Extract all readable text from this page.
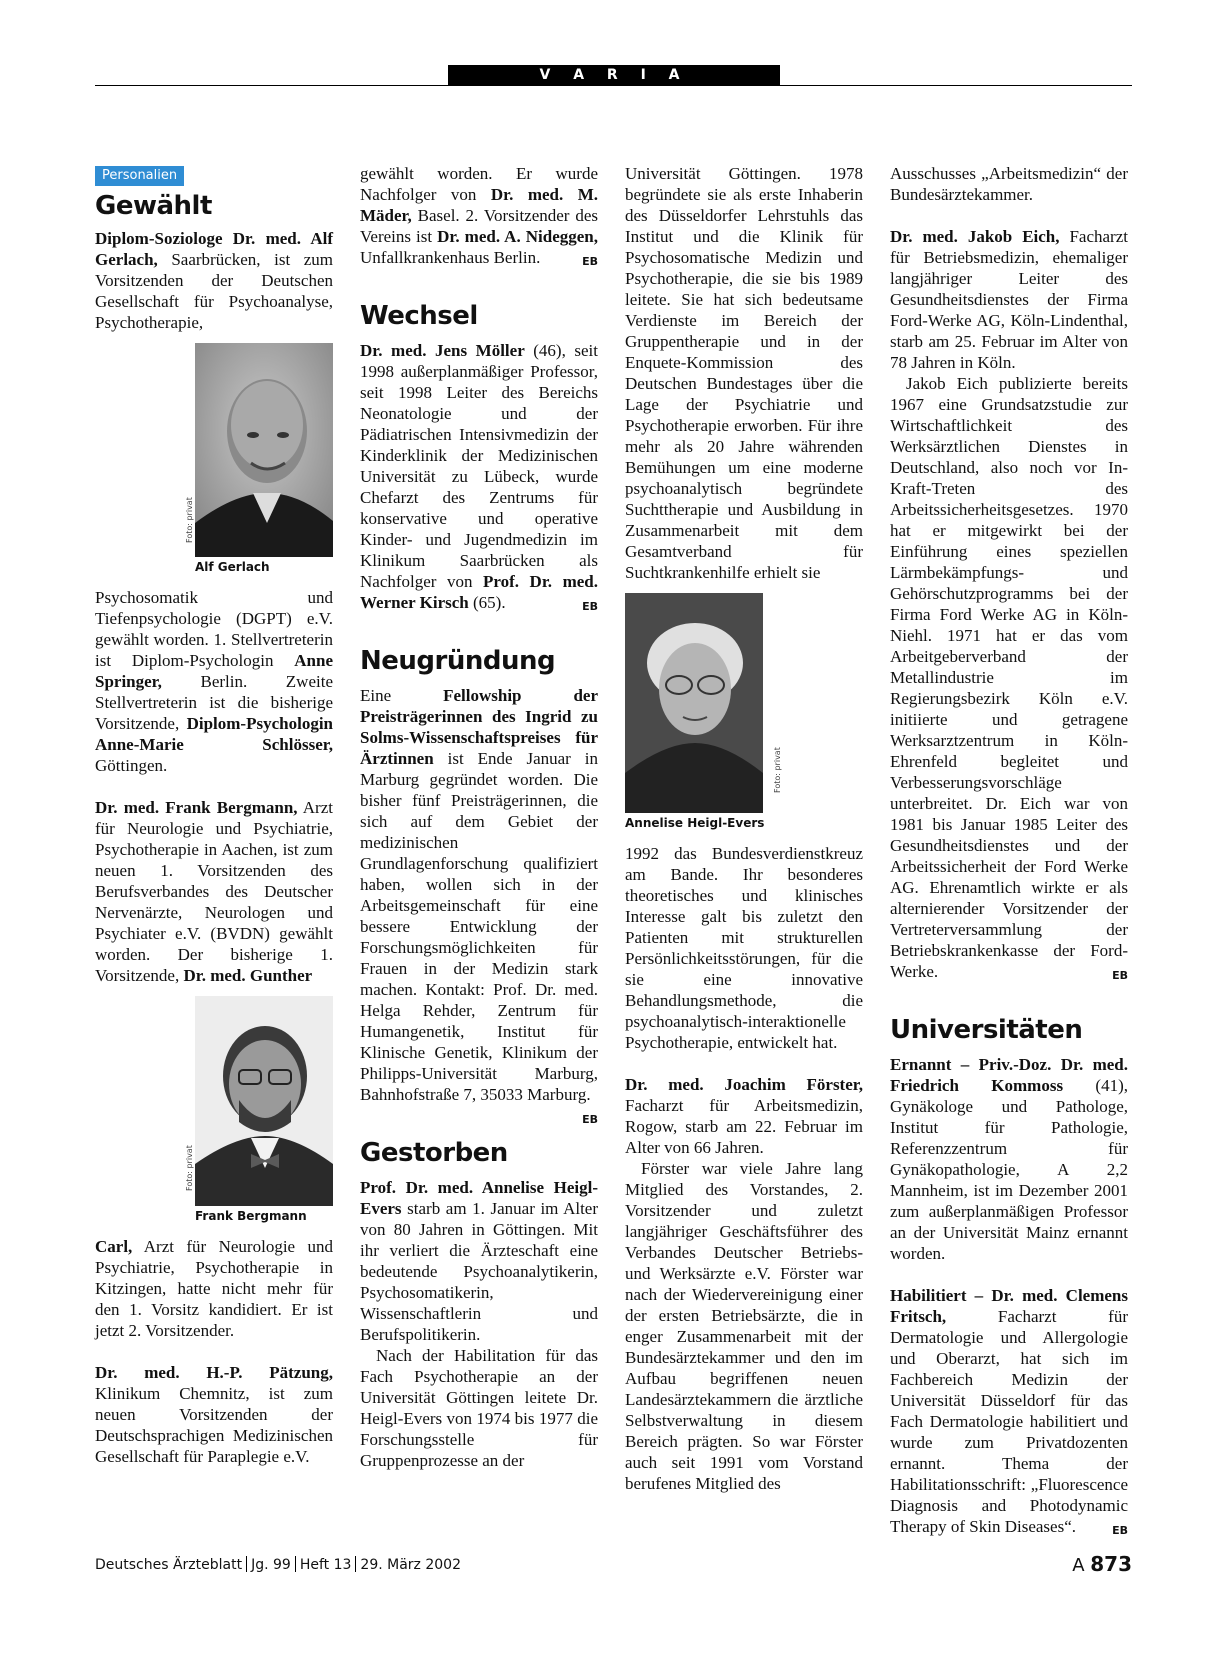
V A R I A
Personalien
Gewählt

Diplom-Soziologe Dr. med. Alf Gerlach, Saarbrücken, ist zum Vorsitzenden der Deutschen Gesellschaft für Psychoanalyse, Psychotherapie,

Foto: privat
Alf Gerlach

Psychosomatik und Tiefenpsychologie (DGPT) e.V. gewählt worden. 1. Stellvertreterin ist Diplom-Psychologin Anne Springer, Berlin. Zweite Stellvertreterin ist die bisherige Vorsitzende, Diplom-Psychologin Anne-Marie Schlösser, Göttingen.

Dr. med. Frank Bergmann, Arzt für Neurologie und Psychiatrie, Psychotherapie in Aachen, ist zum neuen 1. Vorsitzenden des Berufsverbandes des Deutscher Nervenärzte, Neurologen und Psychiater e.V. (BVDN) gewählt worden. Der bisherige 1. Vorsitzende, Dr. med. Gunther

Foto: privat
Frank Bergmann

Carl, Arzt für Neurologie und Psychiatrie, Psychotherapie in Kitzingen, hatte nicht mehr für den 1. Vorsitz kandidiert. Er ist jetzt 2. Vorsitzender.

Dr. med. H.-P. Pätzung, Klinikum Chemnitz, ist zum neuen Vorsitzenden der Deutschsprachigen Medizinischen Gesellschaft für Paraplegie e.V.

gewählt worden. Er wurde Nachfolger von Dr. med. M. Mäder, Basel. 2. Vorsitzender des Vereins ist Dr. med. A. Nideggen, Unfallkrankenhaus Berlin.	EB

Wechsel

Dr. med. Jens Möller (46), seit 1998 außerplanmäßiger Professor, seit 1998 Leiter des Bereichs Neonatologie und der Pädiatrischen Intensivmedizin der Kinderklinik der Medizinischen Universität zu Lübeck, wurde Chefarzt des Zentrums für konservative und operative Kinder- und Jugendmedizin im Klinikum Saarbrücken als Nachfolger von Prof. Dr. med. Werner Kirsch (65).	EB

Neugründung

Eine Fellowship der Preisträgerinnen des Ingrid zu Solms-Wissenschaftspreises für Ärztinnen ist Ende Januar in Marburg gegründet worden. Die bisher fünf Preisträgerinnen, die sich auf dem Gebiet der medizinischen Grundlagenforschung qualifiziert haben, wollen sich in der Arbeitsgemeinschaft für eine bessere Entwicklung der Forschungsmöglichkeiten für Frauen in der Medizin stark machen. Kontakt: Prof. Dr. med. Helga Rehder, Zentrum für Humangenetik, Institut für Klinische Genetik, Klinikum der Philipps-Universität Marburg, Bahnhofstraße 7, 35033 Marburg.
EB

Gestorben

Prof. Dr. med. Annelise Heigl-Evers starb am 1. Januar im Alter von 80 Jahren in Göttingen. Mit ihr verliert die Ärzteschaft eine bedeutende Psychoanalytikerin, Psychosomatikerin, Wissenschaftlerin und Berufspolitikerin.

Nach der Habilitation für das Fach Psychotherapie an der Universität Göttingen leitete Dr. Heigl-Evers von 1974 bis 1977 die Forschungsstelle für Gruppenprozesse an der

Universität Göttingen. 1978 begründete sie als erste Inhaberin des Düsseldorfer Lehrstuhls das Institut und die Klinik für Psychosomatische Medizin und Psychotherapie, die sie bis 1989 leitete. Sie hat sich bedeutsame Verdienste im Bereich der Gruppentherapie und in der Enquete-Kommission des Deutschen Bundestages über die Lage der Psychiatrie und Psychotherapie erworben. Für ihre mehr als 20 Jahre währenden Bemühungen um eine moderne psychoanalytisch begründete Suchttherapie und Ausbildung in Zusammenarbeit mit dem Gesamtverband für Suchtkrankenhilfe erhielt sie

Foto: privat
Annelise Heigl-Evers

1992 das Bundesverdienstkreuz am Bande. Ihr besonderes theoretisches und klinisches Interesse galt bis zuletzt den Patienten mit strukturellen Persönlichkeitsstörungen, für die sie eine innovative Behandlungsmethode, die psychoanalytisch-interaktionelle Psychotherapie, entwickelt hat.

Dr. med. Joachim Förster, Facharzt für Arbeitsmedizin, Rogow, starb am 22. Februar im Alter von 66 Jahren.

Förster war viele Jahre lang Mitglied des Vorstandes, 2. Vorsitzender und zuletzt langjähriger Geschäftsführer des Verbandes Deutscher Betriebs- und Werksärzte e.V. Förster war nach der Wiedervereinigung einer der ersten Betriebsärzte, die in enger Zusammenarbeit mit der Bundesärztekammer und den im Aufbau begriffenen neuen Landesärztekammern die ärztliche Selbstverwaltung in diesem Bereich prägten. So war Förster auch seit 1991 vom Vorstand berufenes Mitglied des

Ausschusses „Arbeitsmedizin“ der Bundesärztekammer.

Dr. med. Jakob Eich, Facharzt für Betriebsmedizin, ehemaliger langjähriger Leiter des Gesundheitsdienstes der Firma Ford-Werke AG, Köln-Lindenthal, starb am 25. Februar im Alter von 78 Jahren in Köln.

Jakob Eich publizierte bereits 1967 eine Grundsatzstudie zur Wirtschaftlichkeit des Werksärztlichen Dienstes in Deutschland, also noch vor In-Kraft-Treten des Arbeitssicherheitsgesetzes. 1970 hat er mitgewirkt bei der Einführung eines speziellen Lärmbekämpfungs- und Gehörschutzprogramms bei der Firma Ford Werke AG in Köln-Niehl. 1971 hat er das vom Arbeitgeberverband der Metallindustrie im Regierungsbezirk Köln e.V. initiierte und getragene Werksarztzentrum in Köln-Ehrenfeld begleitet und Verbesserungsvorschläge unterbreitet. Dr. Eich war von 1981 bis Januar 1985 Leiter des Gesundheitsdienstes und der Arbeitssicherheit der Ford Werke AG. Ehrenamtlich wirkte er als alternierender Vorsitzender der Vertreterversammlung der Betriebskrankenkasse der Ford-Werke.	EB

Universitäten

Ernannt – Priv.-Doz. Dr. med. Friedrich Kommoss (41), Gynäkologe und Pathologe, Institut für Pathologie, Referenzzentrum für Gynäkopathologie, A 2,2 Mannheim, ist im Dezember 2001 zum außerplanmäßigen Professor an der Universität Mainz ernannt worden.

Habilitiert – Dr. med. Clemens Fritsch, Facharzt für Dermatologie und Allergologie und Oberarzt, hat sich im Fachbereich Medizin der Universität Düsseldorf für das Fach Dermatologie habilitiert und wurde zum Privatdozenten ernannt. Thema der Habilitationsschrift: „Fluorescence Diagnosis and Photodynamic Therapy of Skin Diseases“.	EB

Deutsches Ärzteblatt Jg. 99 Heft 13 29. März 2002	A 873
